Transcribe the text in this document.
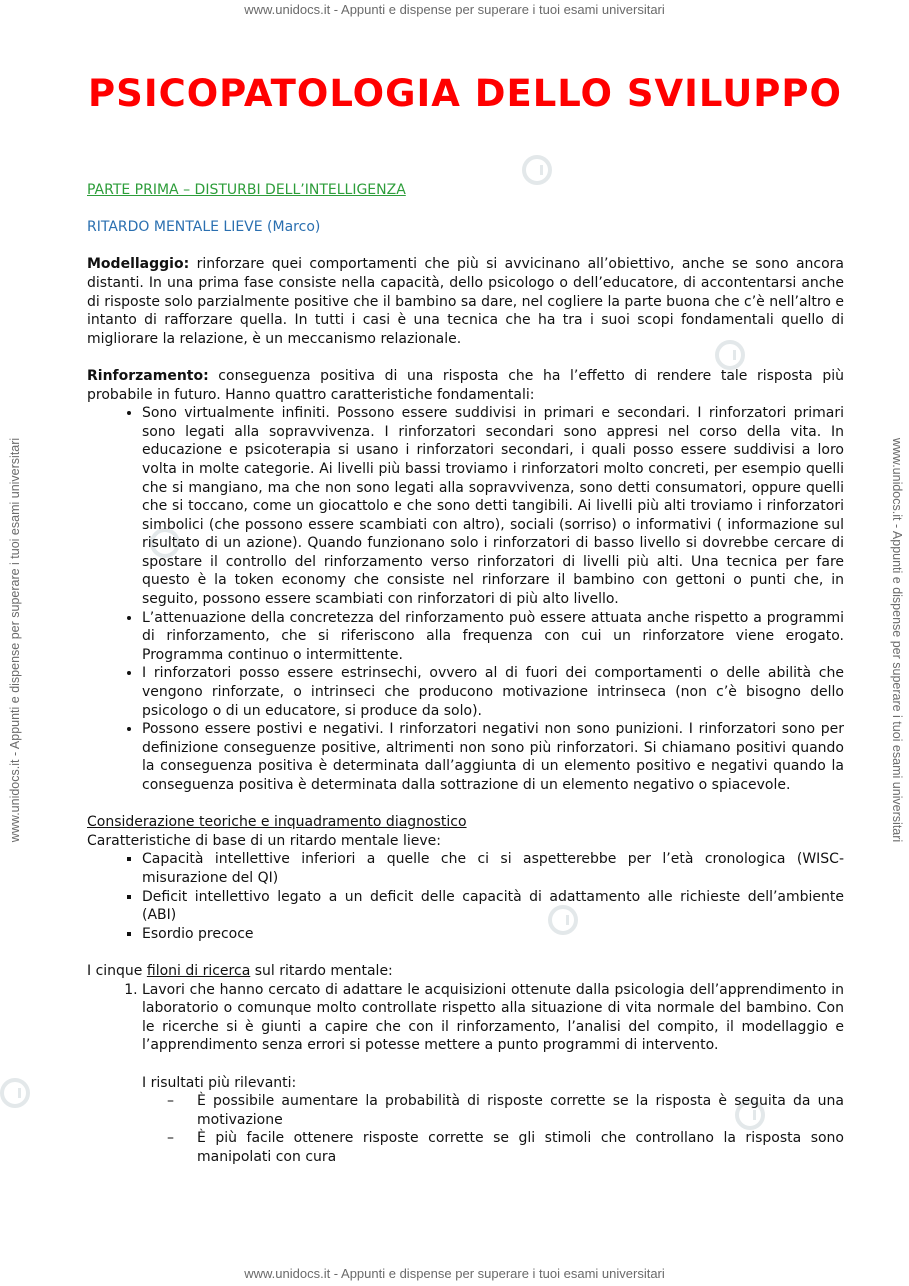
www.unidocs.it - Appunti e dispense per superare i tuoi esami universitari
www.unidocs.it - Appunti e dispense per superare i tuoi esami universitari
www.unidocs.it - Appunti e dispense per superare i tuoi esami universitari	www.unidocs.it - Appunti e dispense per superare i tuoi esami universitari
PSICOPATOLOGIA DELLO SVILUPPO

PARTE PRIMA – DISTURBI DELL’INTELLIGENZA

RITARDO MENTALE LIEVE (Marco)

Modellaggio: rinforzare quei comportamenti che più si avvicinano all’obiettivo, anche se sono ancora distanti. In una prima fase consiste nella capacità, dello psicologo o dell’educatore, di accontentarsi anche di risposte solo parzialmente positive che il bambino sa dare, nel cogliere la parte buona che c’è nell’altro e intanto di rafforzare quella. In tutti i casi è una tecnica che ha tra i suoi scopi fondamentali quello di migliorare la relazione, è un meccanismo relazionale.

Rinforzamento: conseguenza positiva di una risposta che ha l’effetto di rendere tale risposta più probabile in futuro. Hanno quattro caratteristiche fondamentali:

• Sono virtualmente infiniti. Possono essere suddivisi in primari e secondari. I rinforzatori primari sono legati alla sopravvivenza. I rinforzatori secondari sono appresi nel corso della vita. In educazione e psicoterapia si usano i rinforzatori secondari, i quali posso essere suddivisi a loro volta in molte categorie. Ai livelli più bassi troviamo i rinforzatori molto concreti, per esempio quelli che si mangiano, ma che non sono legati alla sopravvivenza, sono detti consumatori, oppure quelli che si toccano, come un giocattolo e che sono detti tangibili. Ai livelli più alti troviamo i rinforzatori simbolici (che possono essere scambiati con altro), sociali (sorriso) o informativi ( informazione sul risultato di un azione). Quando funzionano solo i rinforzatori di basso livello si dovrebbe cercare di spostare il controllo del rinforzamento verso rinforzatori di livelli più alti. Una tecnica per fare questo è la token economy che consiste nel rinforzare il bambino con gettoni o punti che, in seguito, possono essere scambiati con rinforzatori di più alto livello.
• L’attenuazione della concretezza del rinforzamento può essere attuata anche rispetto a programmi di rinforzamento, che si riferiscono alla frequenza con cui un rinforzatore viene erogato. Programma continuo o intermittente.
• I rinforzatori posso essere estrinsechi, ovvero al di fuori dei comportamenti o delle abilità che vengono rinforzate, o intrinseci che producono motivazione intrinseca (non c’è bisogno dello psicologo o di un educatore, si produce da solo).
• Possono essere postivi e negativi. I rinforzatori negativi non sono punizioni. I rinforzatori sono per definizione conseguenze positive, altrimenti non sono più rinforzatori. Si chiamano positivi quando la conseguenza positiva è determinata dall’aggiunta di un elemento positivo e negativi quando la conseguenza positiva è determinata dalla sottrazione di un elemento negativo o spiacevole.

Considerazione teoriche e inquadramento diagnostico

Caratteristiche di base di un ritardo mentale lieve:

▪ Capacità intellettive inferiori a quelle che ci si aspetterebbe per l’età cronologica (WISC-misurazione del QI)
▪ Deficit intellettivo legato a un deficit delle capacità di adattamento alle richieste dell’ambiente (ABI)
▪ Esordio precoce

I cinque filoni di ricerca sul ritardo mentale:

1. Lavori che hanno cercato di adattare le acquisizioni ottenute dalla psicologia dell’apprendimento in laboratorio o comunque molto controllate rispetto alla situazione di vita normale del bambino. Con le ricerche si è giunti a capire che con il rinforzamento, l’analisi del compito, il modellaggio e l’apprendimento senza errori si potesse mettere a punto programmi di intervento.
I risultati più rilevanti:
– È possibile aumentare la probabilità di risposte corrette se la risposta è seguita da una motivazione
– È più facile ottenere risposte corrette se gli stimoli che controllano la risposta sono manipolati con cura
